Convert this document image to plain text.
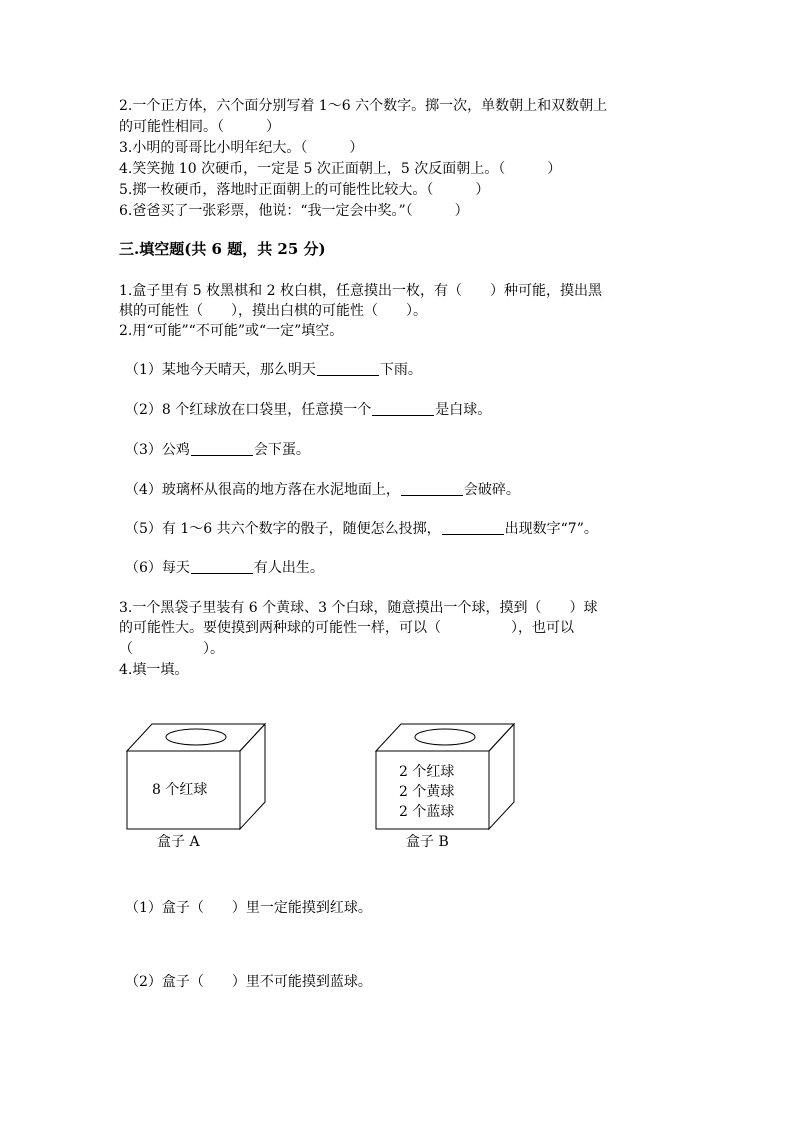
2.一个正方体，六个面分别写着 1～6 六个数字。掷一次，单数朝上和双数朝上
的可能性相同。（　　　）
3.小明的哥哥比小明年纪大。（　　　）
4.笑笑抛 10 次硬币，一定是 5 次正面朝上，5 次反面朝上。（　　　）
5.掷一枚硬币，落地时正面朝上的可能性比较大。（　　　）
6.爸爸买了一张彩票，他说：“我一定会中奖。”（　　　）
三.填空题(共 6 题，共 25 分)
1.盒子里有 5 枚黑棋和 2 枚白棋，任意摸出一枚，有（　　）种可能，摸出黑
棋的可能性（　　），摸出白棋的可能性（　　）。
2.用“可能”“不可能”或“一定”填空。
（1）某地今天晴天，那么明天	下雨。
（2）8 个红球放在口袋里，任意摸一个	是白球。
（3）公鸡	会下蛋。
（4）玻璃杯从很高的地方落在水泥地面上，	会破碎。
（5）有 1～6 共六个数字的骰子，随便怎么投掷，	出现数字“7”。
（6）每天	有人出生。
3.一个黑袋子里装有 6 个黄球、3 个白球，随意摸出一个球，摸到（　　）球
的可能性大。要使摸到两种球的可能性一样，可以（　　　　　），也可以
（　　　　　）。
4.填一填。
8 个红球
盒子 A
2 个红球
2 个黄球
2 个蓝球
盒子 B
（1）盒子（　　）里一定能摸到红球。
（2）盒子（　　）里不可能摸到蓝球。
